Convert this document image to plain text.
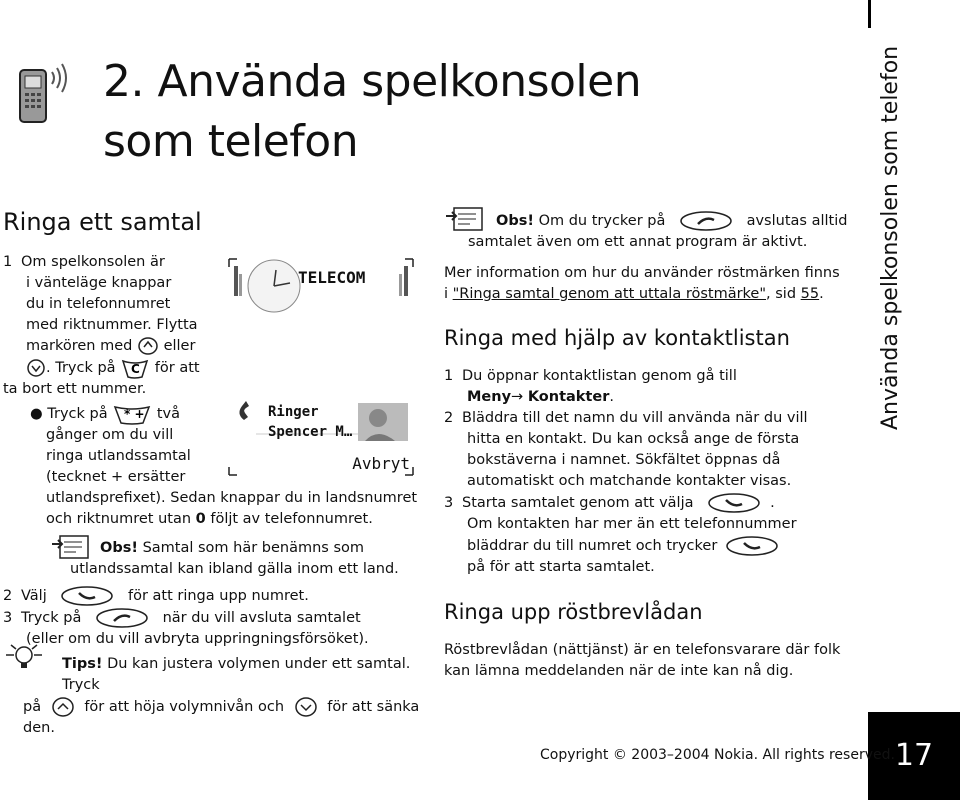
2. Använda spelkonsolen
som telefon
Ringa ett samtal
1 Om spelkonsolen är
i vänteläge knappar
du in telefonnumret
med riktnummer. Flytta
markören med eller
. Tryck på C för att
ta bort ett nummer.
● Tryck på * + två
gånger om du vill
ringa utlandssamtal
(tecknet + ersätter
utlandsprefixet). Sedan knappar du in landsnumret
och riktnumret utan 0 följt av telefonnumret.
Obs! Samtal som här benämns som
utlandssamtal kan ibland gälla inom ett land.
2 Välj	för att ringa upp numret.
3 Tryck på	när du vill avsluta samtalet
(eller om du vill avbryta uppringningsförsöket).
Tips! Du kan justera volymen under ett samtal. Tryck
på	för att höja volymnivån och	för att sänka
den.
TELECOM
Ringer
Spencer M…
Avbryt
Obs! Om du trycker på	avslutas alltid
samtalet även om ett annat program är aktivt.
Mer information om hur du använder röstmärken finns
i "Ringa samtal genom att uttala röstmärke", sid 55.
Ringa med hjälp av kontaktlistan
1 Du öppnar kontaktlistan genom gå till
Meny→ Kontakter.
2 Bläddra till det namn du vill använda när du vill
hitta en kontakt. Du kan också ange de första
bokstäverna i namnet. Sökfältet öppnas då
automatiskt och matchande kontakter visas.
3 Starta samtalet genom att välja	.
Om kontakten har mer än ett telefonnummer
bläddrar du till numret och trycker
på för att starta samtalet.
Ringa upp röstbrevlådan
Röstbrevlådan (nättjänst) är en telefonsvarare där folk
kan lämna meddelanden när de inte kan nå dig.
Använda spelkonsolen som telefon
17
Copyright © 2003–2004 Nokia. All rights reserved.
